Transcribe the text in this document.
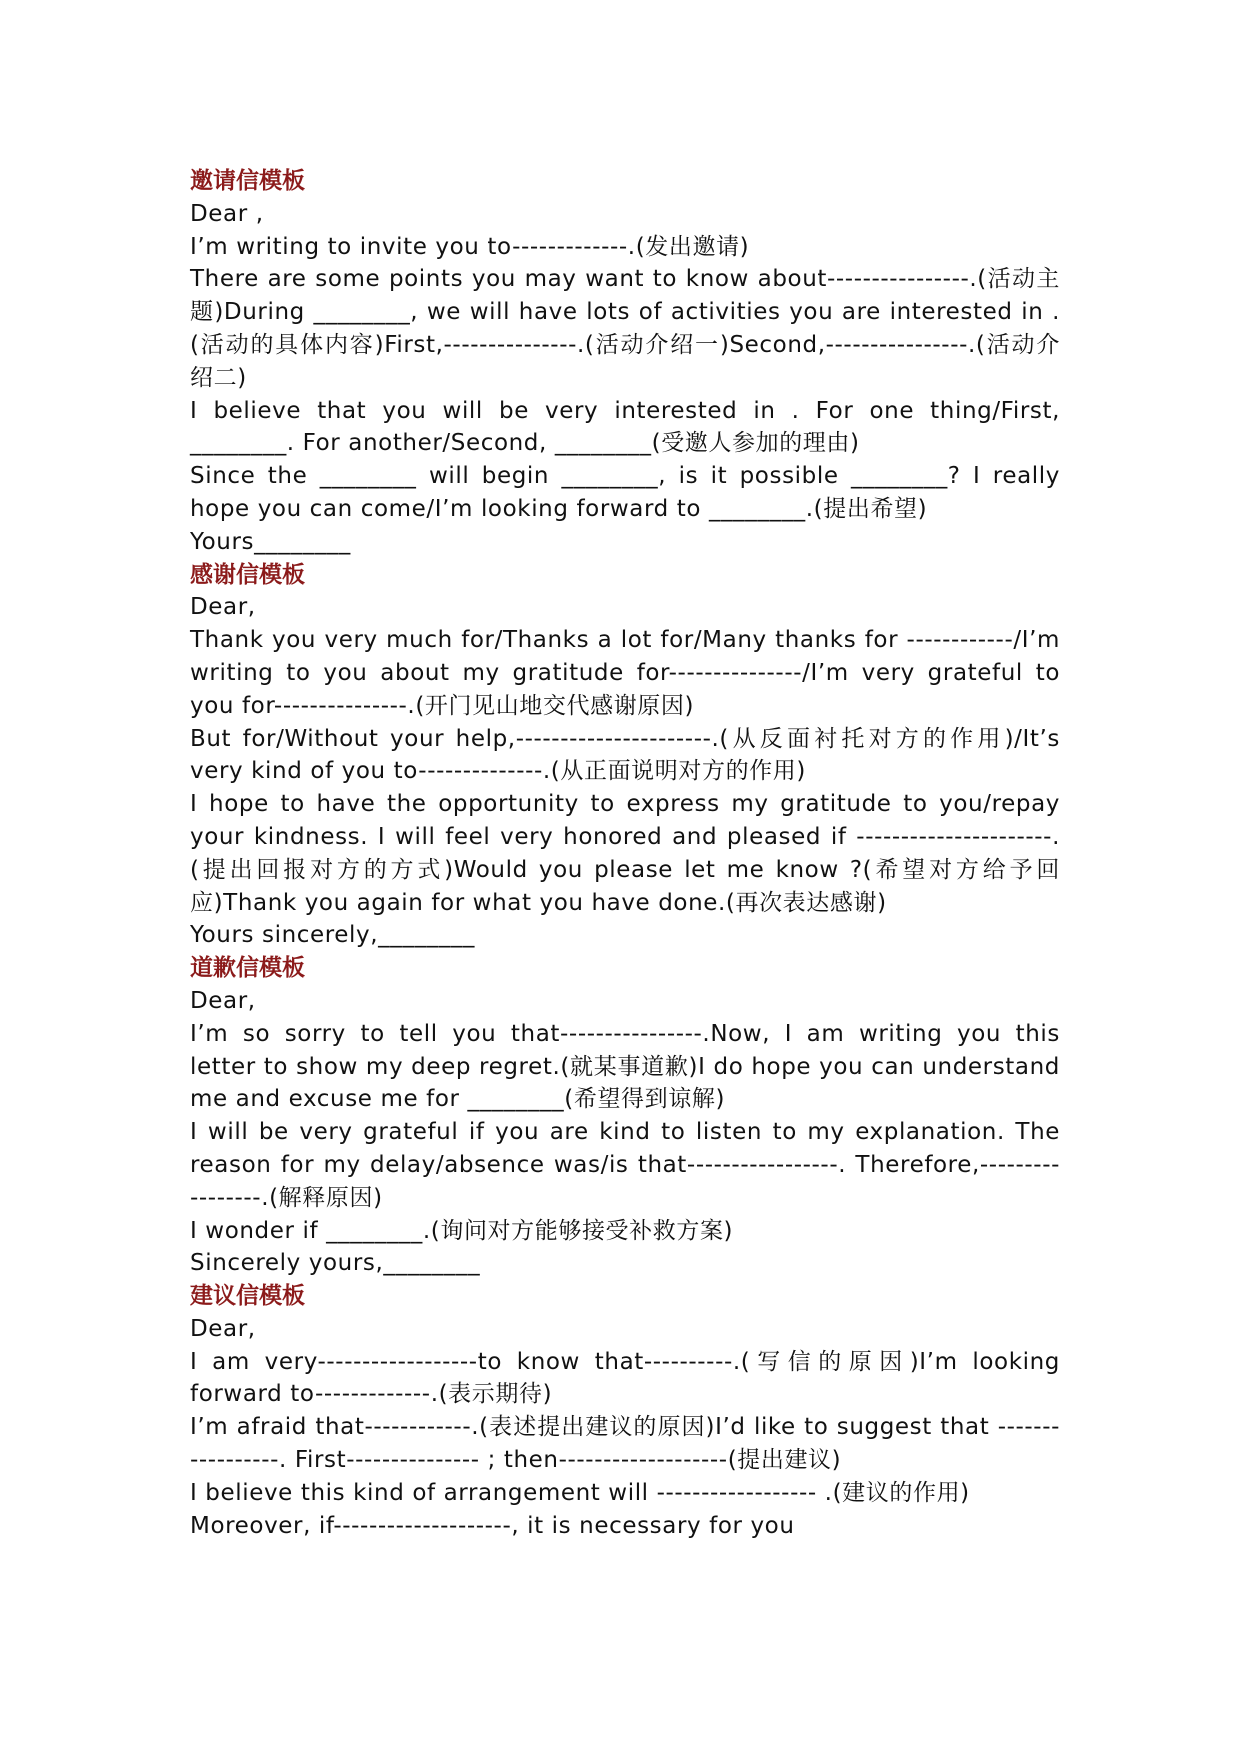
邀请信模板

Dear ,

I’m writing to invite you to-------------.(发出邀请)

There are some points you may want to know about----------------.(活动主题)During ________, we will have lots of activities you are interested in .(活动的具体内容)First,---------------.(活动介绍一)Second,----------------.(活动介绍二)

I believe that you will be very interested in . For one thing/First, ________. For another/Second, ________(受邀人参加的理由)

Since the ________ will begin ________, is it possible ________? I really hope you can come/I’m looking forward to ________.(提出希望)

Yours________

感谢信模板

Dear,

Thank you very much for/Thanks a lot for/Many thanks for ------------/I’m writing to you about my gratitude for---------------/I’m very grateful to you for---------------.(开门见山地交代感谢原因)

But for/Without your help,----------------------.(从反面衬托对方的作用)/It’s very kind of you to--------------.(从正面说明对方的作用)

I hope to have the opportunity to express my gratitude to you/repay your kindness. I will feel very honored and pleased if ----------------------.(提出回报对方的方式)Would you please let me know ?(希望对方给予回应)Thank you again for what you have done.(再次表达感谢)

Yours sincerely,________

道歉信模板

Dear,

I’m so sorry to tell you that----------------.Now, I am writing you this letter to show my deep regret.(就某事道歉)I do hope you can understand me and excuse me for ________(希望得到谅解)

I will be very grateful if you are kind to listen to my explanation. The reason for my delay/absence was/is that-----------------. Therefore,-----------------.(解释原因)

I wonder if ________.(询问对方能够接受补救方案)

Sincerely yours,________

建议信模板

Dear,

I am very------------------to know that----------.(写信的原因)I’m looking forward to-------------.(表示期待)

I’m afraid that------------.(表述提出建议的原因)I’d like to suggest that -----------------. First--------------- ; then-------------------(提出建议)

I believe this kind of arrangement will ------------------ .(建议的作用)

Moreover, if--------------------, it is necessary for you
